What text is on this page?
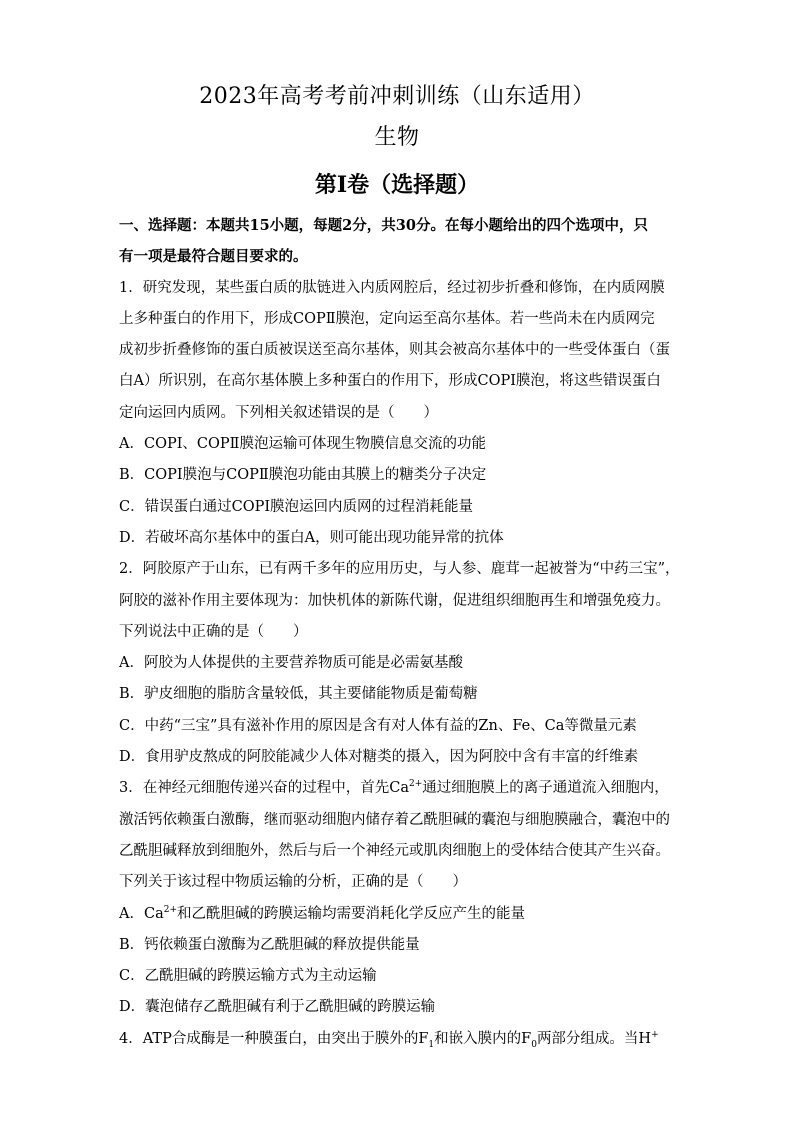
2023年高考考前冲刺训练（山东适用）
生物
第Ⅰ卷（选择题）
一、选择题：本题共15小题，每题2分，共30分。在每小题给出的四个选项中，只
有一项是最符合题目要求的。
1．研究发现，某些蛋白质的肽链进入内质网腔后，经过初步折叠和修饰，在内质网膜
上多种蛋白的作用下，形成COPⅡ膜泡，定向运至高尔基体。若一些尚未在内质网完
成初步折叠修饰的蛋白质被误送至高尔基体，则其会被高尔基体中的一些受体蛋白（蛋
白A）所识别，在高尔基体膜上多种蛋白的作用下，形成COPI膜泡，将这些错误蛋白
定向运回内质网。下列相关叙述错误的是（　　）
A．COPI、COPⅡ膜泡运输可体现生物膜信息交流的功能
B．COPI膜泡与COPⅡ膜泡功能由其膜上的糖类分子决定
C．错误蛋白通过COPI膜泡运回内质网的过程消耗能量
D．若破坏高尔基体中的蛋白A，则可能出现功能异常的抗体
2．阿胶原产于山东，已有两千多年的应用历史，与人参、鹿茸一起被誉为“中药三宝”，
阿胶的滋补作用主要体现为：加快机体的新陈代谢，促进组织细胞再生和增强免疫力。
下列说法中正确的是（　　）
A．阿胶为人体提供的主要营养物质可能是必需氨基酸
B．驴皮细胞的脂肪含量较低，其主要储能物质是葡萄糖
C．中药“三宝”具有滋补作用的原因是含有对人体有益的Zn、Fe、Ca等微量元素
D．食用驴皮熬成的阿胶能减少人体对糖类的摄入，因为阿胶中含有丰富的纤维素
3．在神经元细胞传递兴奋的过程中，首先$Ca^{2+}$通过细胞膜上的离子通道流入细胞内，
激活钙依赖蛋白激酶，继而驱动细胞内储存着乙酰胆碱的囊泡与细胞膜融合，囊泡中的
乙酰胆碱释放到细胞外，然后与后一个神经元或肌肉细胞上的受体结合使其产生兴奋。
下列关于该过程中物质运输的分析，正确的是（　　）
A．$Ca^{2+}$和乙酰胆碱的跨膜运输均需要消耗化学反应产生的能量
B．钙依赖蛋白激酶为乙酰胆碱的释放提供能量
C．乙酰胆碱的跨膜运输方式为主动运输
D．囊泡储存乙酰胆碱有利于乙酰胆碱的跨膜运输
4．ATP合成酶是一种膜蛋白，由突出于膜外的$F_1$和嵌入膜内的$F_0$两部分组成。当H+
